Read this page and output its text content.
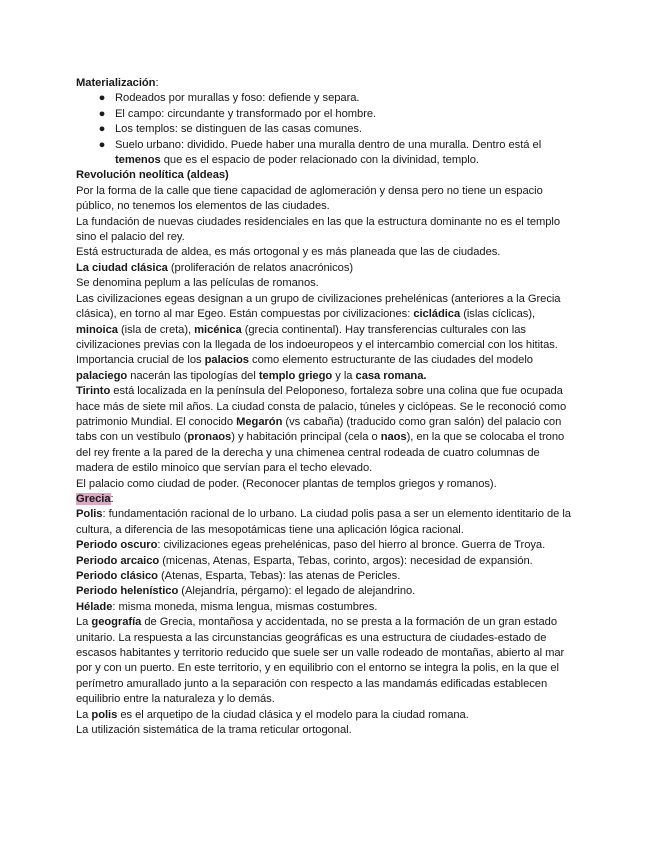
Materialización:

● Rodeados por murallas y foso: defiende y separa.
● El campo: circundante y transformado por el hombre.
● Los templos: se distinguen de las casas comunes.
● Suelo urbano: dividido. Puede haber una muralla dentro de una muralla. Dentro está el temenos que es el espacio de poder relacionado con la divinidad, templo.

Revolución neolítica (aldeas)

Por la forma de la calle que tiene capacidad de aglomeración y densa pero no tiene un espacio público, no tenemos los elementos de las ciudades.

La fundación de nuevas ciudades residenciales en las que la estructura dominante no es el templo sino el palacio del rey.

Está estructurada de aldea, es más ortogonal y es más planeada que las de ciudades.

La ciudad clásica (proliferación de relatos anacrónicos)

Se denomina peplum a las películas de romanos.

Las civilizaciones egeas designan a un grupo de civilizaciones prehelénicas (anteriores a la Grecia clásica), en torno al mar Egeo. Están compuestas por civilizaciones: cicládica (islas cíclicas), minoica (isla de creta), micénica (grecia continental). Hay transferencias culturales con las civilizaciones previas con la llegada de los indoeuropeos y el intercambio comercial con los hititas. Importancia crucial de los palacios como elemento estructurante de las ciudades del modelo palaciego nacerán las tipologías del templo griego y la casa romana.

Tirinto está localizada en la península del Peloponeso, fortaleza sobre una colina que fue ocupada hace más de siete mil años. La ciudad consta de palacio, túneles y ciclópeas. Se le reconoció como patrimonio Mundial. El conocido Megarón (vs cabaña) (traducido como gran salón) del palacio con tabs con un vestíbulo (pronaos) y habitación principal (cela o naos), en la que se colocaba el trono del rey frente a la pared de la derecha y una chimenea central rodeada de cuatro columnas de madera de estilo minoico que servían para el techo elevado.

El palacio como ciudad de poder. (Reconocer plantas de templos griegos y romanos).

Grecia:

Polis: fundamentación racional de lo urbano. La ciudad polis pasa a ser un elemento identitario de la cultura, a diferencia de las mesopotámicas tiene una aplicación lógica racional.

Periodo oscuro: civilizaciones egeas prehelénicas, paso del hierro al bronce. Guerra de Troya.

Periodo arcaico (micenas, Atenas, Esparta, Tebas, corinto, argos): necesidad de expansión.

Periodo clásico (Atenas, Esparta, Tebas): las atenas de Pericles.

Periodo helenístico (Alejandría, pérgamo): el legado de alejandrino.

Hélade: misma moneda, misma lengua, mismas costumbres.

La geografía de Grecia, montañosa y accidentada, no se presta a la formación de un gran estado unitario. La respuesta a las circunstancias geográficas es una estructura de ciudades-estado de escasos habitantes y territorio reducido que suele ser un valle rodeado de montañas, abierto al mar por y con un puerto. En este territorio, y en equilibrio con el entorno se integra la polis, en la que el perímetro amurallado junto a la separación con respecto a las mandamás edificadas establecen equilibrio entre la naturaleza y lo demás.

La polis es el arquetipo de la ciudad clásica y el modelo para la ciudad romana.

La utilización sistemática de la trama reticular ortogonal.
